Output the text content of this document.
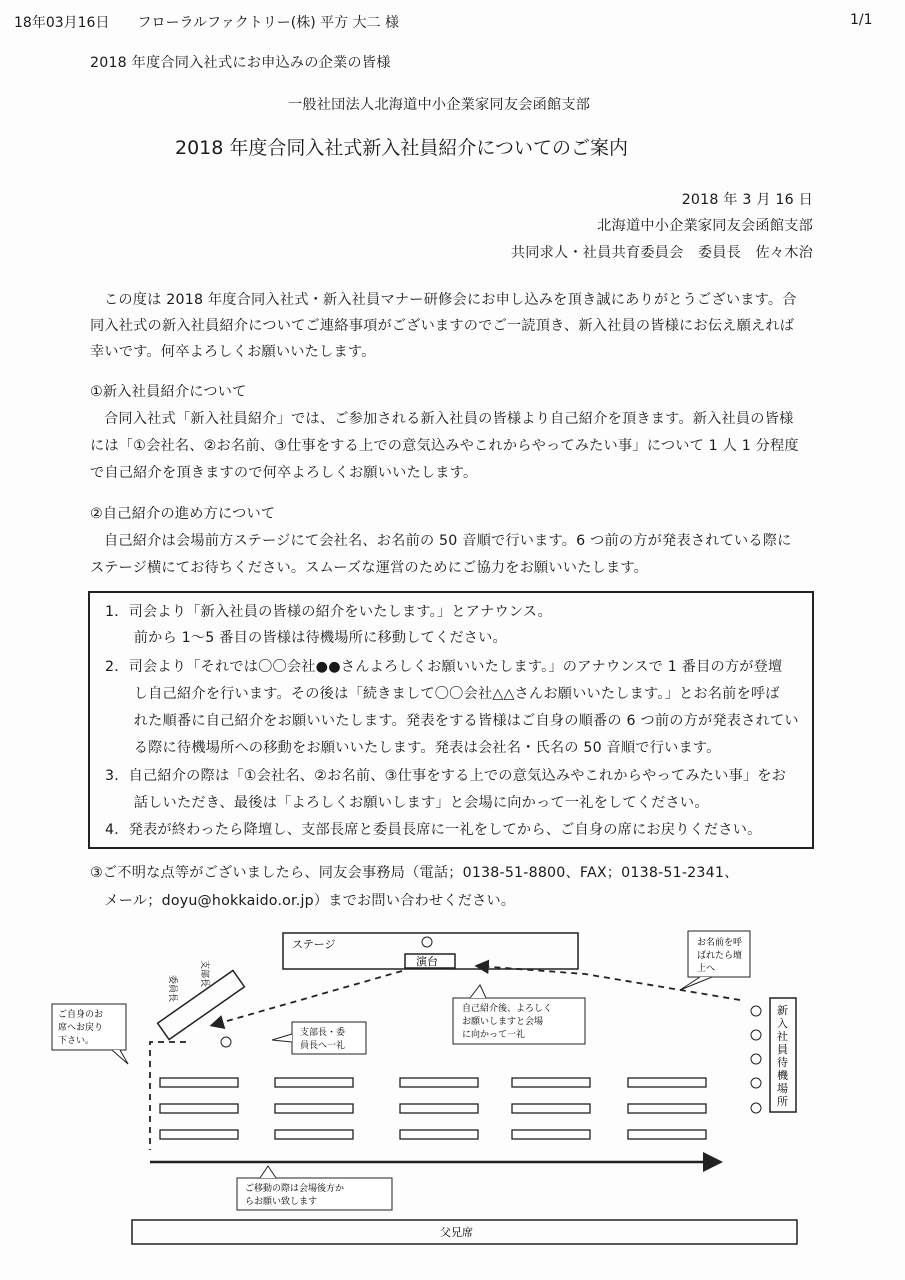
18年03月16日　　フローラルファクトリー(株) 平方 大二 様	1/1
2018 年度合同入社式にお申込みの企業の皆様
一般社団法人北海道中小企業家同友会函館支部
2018 年度合同入社式新入社員紹介についてのご案内
2018 年 3 月 16 日
北海道中小企業家同友会函館支部
共同求人・社員共育委員会　委員長　佐々木治
この度は 2018 年度合同入社式・新入社員マナー研修会にお申し込みを頂き誠にありがとうございます。合
同入社式の新入社員紹介についてご連絡事項がございますのでご一読頂き、新入社員の皆様にお伝え願えれば
幸いです。何卒よろしくお願いいたします。
①新入社員紹介について
合同入社式「新入社員紹介」では、ご参加される新入社員の皆様より自己紹介を頂きます。新入社員の皆様
には「①会社名、②お名前、③仕事をする上での意気込みやこれからやってみたい事」について 1 人 1 分程度
で自己紹介を頂きますので何卒よろしくお願いいたします。
②自己紹介の進め方について
自己紹介は会場前方ステージにて会社名、お名前の 50 音順で行います。6 つ前の方が発表されている際に
ステージ横にてお待ちください。スムーズな運営のためにご協力をお願いいたします。
1．司会より「新入社員の皆様の紹介をいたします。」とアナウンス。
　　前から 1～5 番目の皆様は待機場所に移動してください。
2．司会より「それでは〇〇会社●●さんよろしくお願いいたします。」のアナウンスで 1 番目の方が登壇
　　し自己紹介を行います。その後は「続きまして〇〇会社△△さんお願いいたします。」とお名前を呼ば
　　れた順番に自己紹介をお願いいたします。発表をする皆様はご自身の順番の 6 つ前の方が発表されてい
　　る際に待機場所への移動をお願いいたします。発表は会社名・氏名の 50 音順で行います。
3．自己紹介の際は「①会社名、②お名前、③仕事をする上での意気込みやこれからやってみたい事」をお
　　話しいただき、最後は「よろしくお願いします」と会場に向かって一礼をしてください。
4．発表が終わったら降壇し、支部長席と委員長席に一礼をしてから、ご自身の席にお戻りください。
③ご不明な点等がございましたら、同友会事務局（電話；0138-51-8800、FAX；0138-51-2341、
　メール；doyu@hokkaido.or.jp）までお問い合わせください。
ステージ
演台
支部長
委員長
ご自身のお
席へお戻り
下さい。
支部長・委
員長へ一礼
自己紹介後、よろしく
お願いしますと会場
に向かって一礼
お名前を呼
ばれたら壇
上へ
新
入
社
員
待
機
場
所
ご移動の際は会場後方か
らお願い致します
父兄席
